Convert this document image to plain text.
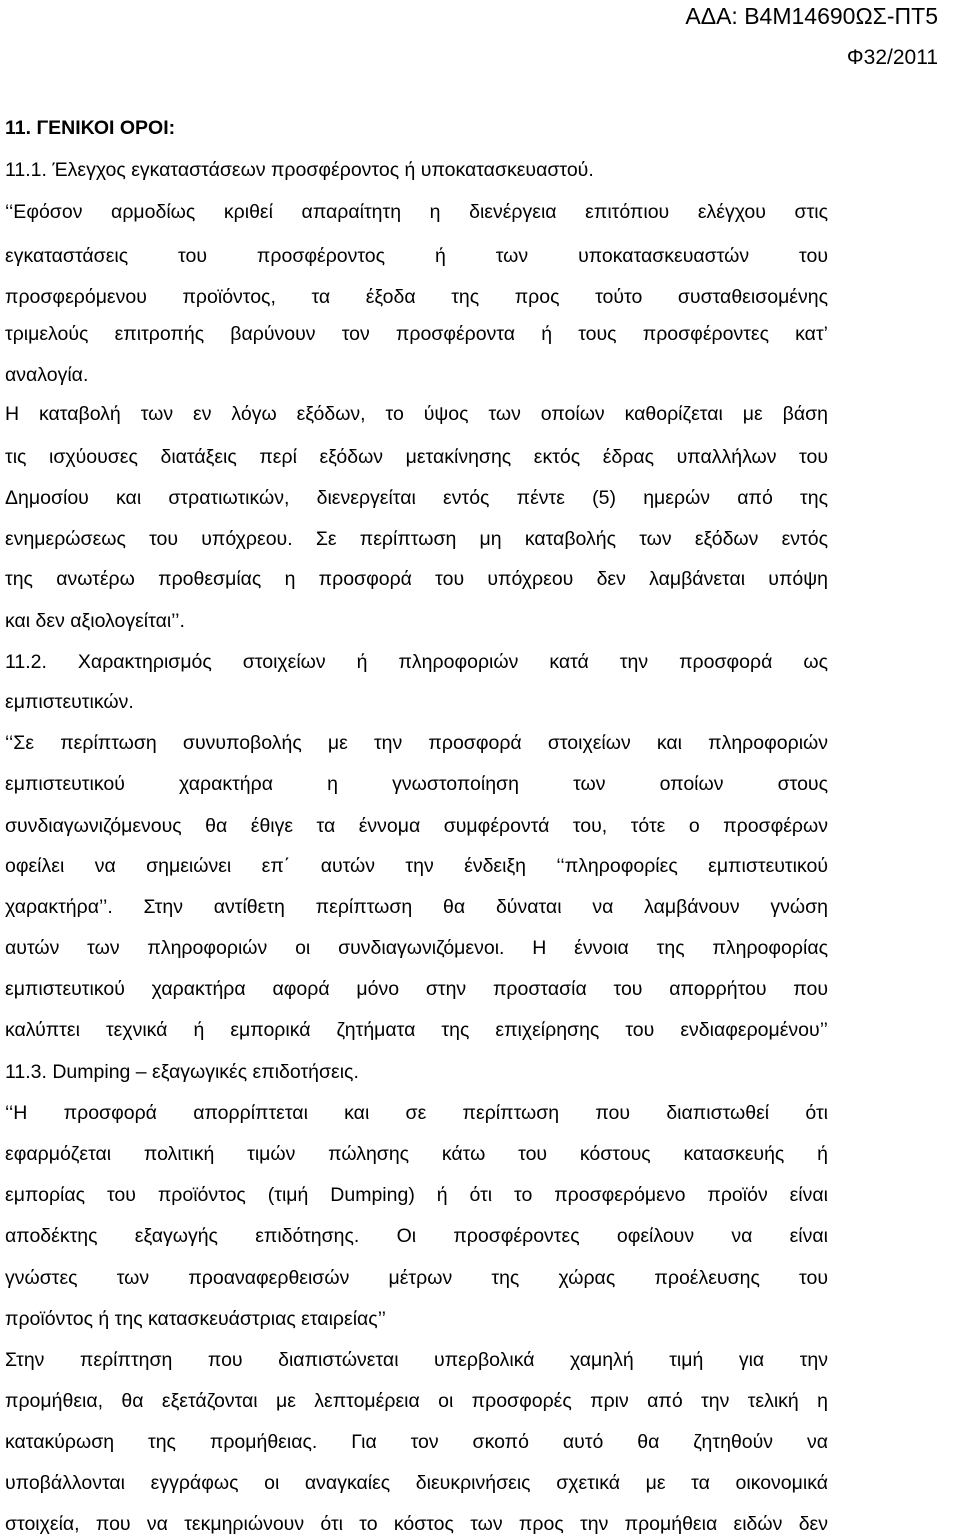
ΑΔΑ: Β4Μ14690ΩΣ-ΠΤ5
Φ32/2011
11. ΓΕΝΙΚΟΙ ΟΡΟΙ:
11.1. Έλεγχος εγκαταστάσεων προσφέροντος ή υποκατασκευαστού.
‘‘Εφόσον αρμοδίως κριθεί απαραίτητη η διενέργεια επιτόπιου ελέγχου στις
εγκαταστάσεις του προσφέροντος ή των υποκατασκευαστών του
προσφερόμενου προϊόντος, τα έξοδα της προς τούτο συσταθεισομένης
τριμελούς επιτροπής βαρύνουν τον προσφέροντα ή τους προσφέροντες κατ’
αναλογία.
Η καταβολή των εν λόγω εξόδων, το ύψος των οποίων καθορίζεται με βάση
τις ισχύουσες διατάξεις περί εξόδων μετακίνησης εκτός έδρας υπαλλήλων του
Δημοσίου και στρατιωτικών, διενεργείται εντός πέντε (5) ημερών από της
ενημερώσεως του υπόχρεου. Σε περίπτωση μη καταβολής των εξόδων εντός
της ανωτέρω προθεσμίας η προσφορά του υπόχρεου δεν λαμβάνεται υπόψη
και δεν αξιολογείται’’.
11.2. Χαρακτηρισμός στοιχείων ή πληροφοριών κατά την προσφορά ως
εμπιστευτικών.
‘‘Σε περίπτωση συνυποβολής με την προσφορά στοιχείων και πληροφοριών
εμπιστευτικού χαρακτήρα η γνωστοποίηση των οποίων στους
συνδιαγωνιζόμενους θα έθιγε τα έννομα συμφέροντά του, τότε ο προσφέρων
οφείλει να σημειώνει επ΄ αυτών την ένδειξη ‘‘πληροφορίες εμπιστευτικού
χαρακτήρα’’. Στην αντίθετη περίπτωση θα δύναται να λαμβάνουν γνώση
αυτών των πληροφοριών οι συνδιαγωνιζόμενοι. Η έννοια της πληροφορίας
εμπιστευτικού χαρακτήρα αφορά μόνο στην προστασία του απορρήτου που
καλύπτει τεχνικά ή εμπορικά ζητήματα της επιχείρησης του ενδιαφερομένου’’
11.3. Dumping – εξαγωγικές επιδοτήσεις.
‘‘Η προσφορά απορρίπτεται και σε περίπτωση που διαπιστωθεί ότι
εφαρμόζεται πολιτική τιμών πώλησης κάτω του κόστους κατασκευής ή
εμπορίας του προϊόντος (τιμή Dumping) ή ότι το προσφερόμενο προϊόν είναι
αποδέκτης εξαγωγής επιδότησης. Οι προσφέροντες οφείλουν να είναι
γνώστες των προαναφερθεισών μέτρων της χώρας προέλευσης του
προϊόντος ή της κατασκευάστριας εταιρείας’’
Στην περίπτηση που διαπιστώνεται υπερβολικά χαμηλή τιμή για την
προμήθεια, θα εξετάζονται με λεπτομέρεια οι προσφορές πριν από την τελική η
κατακύρωση της προμήθειας. Για τον σκοπό αυτό θα ζητηθούν να
υποβάλλονται εγγράφως οι αναγκαίες διευκρινήσεις σχετικά με τα οικονομικά
στοιχεία, που να τεκμηριώνουν ότι το κόστος των προς την προμήθεια ειδών δεν
